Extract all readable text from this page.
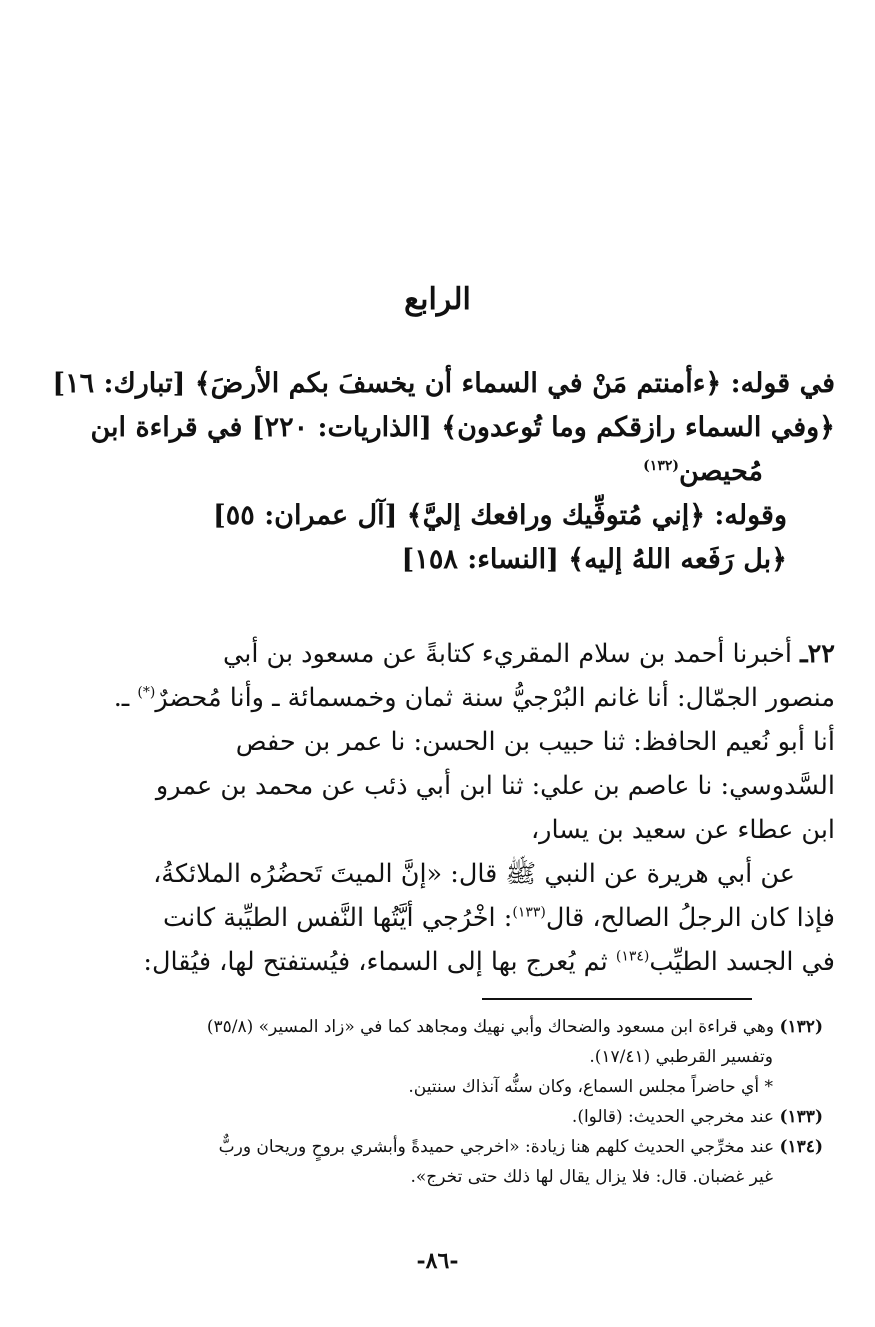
الرابع
في قوله: ﴿ءأمنتم مَنْ في السماء أن يخسفَ بكم الأرضَ﴾ [تبارك: ١٦]
﴿وفي السماء رازقكم وما تُوعدون﴾ [الذاريات: ٢٢٠] في قراءة ابن
مُحيصن$^{(١٣٢)}$
وقوله: ﴿إني مُتوفِّيك ورافعك إليَّ﴾ [آل عمران: ٥٥]
﴿بل رَفَعه اللهُ إليه﴾ [النساء: ١٥٨]
٢٢ـ أخبرنا أحمد بن سلام المقريء كتابةً عن مسعود بن أبي
منصور الجمّال: أنا غانم البُرْجيُّ سنة ثمان وخمسمائة ـ وأنا مُحضرٌ(*) ـ.
أنا أبو نُعيم الحافظ: ثنا حبيب بن الحسن: نا عمر بن حفص
السَّدوسي: نا عاصم بن علي: ثنا ابن أبي ذئب عن محمد بن عمرو
ابن عطاء عن سعيد بن يسار،
عن أبي هريرة عن النبي ﷺ قال: «إنَّ الميتَ تَحضُرُه الملائكةُ،
فإذا كان الرجلُ الصالح، قال$^{(١٣٣)}$: اخْرُجي أيَّتُها النَّفس الطيِّبة كانت
في الجسد الطيِّب$^{(١٣٤)}$ ثم يُعرج بها إلى السماء، فيُستفتح لها، فيُقال:
(١٣٢) وهي قراءة ابن مسعود والضحاك وأبي نهيك ومجاهد كما في «زاد المسير» (٣٥/٨)
وتفسير القرطبي (١٧/٤١).
* أي حاضراً مجلس السماع، وكان سنُّه آنذاك سنتين.
(١٣٣) عند مخرجي الحديث: (قالوا).
(١٣٤) عند مخرِّجي الحديث كلهم هنا زيادة: «اخرجي حميدةً وأبشري بروحٍ وريحان وربٌّ
غير غضبان. قال: فلا يزال يقال لها ذلك حتى تخرج».
-٨٦-
